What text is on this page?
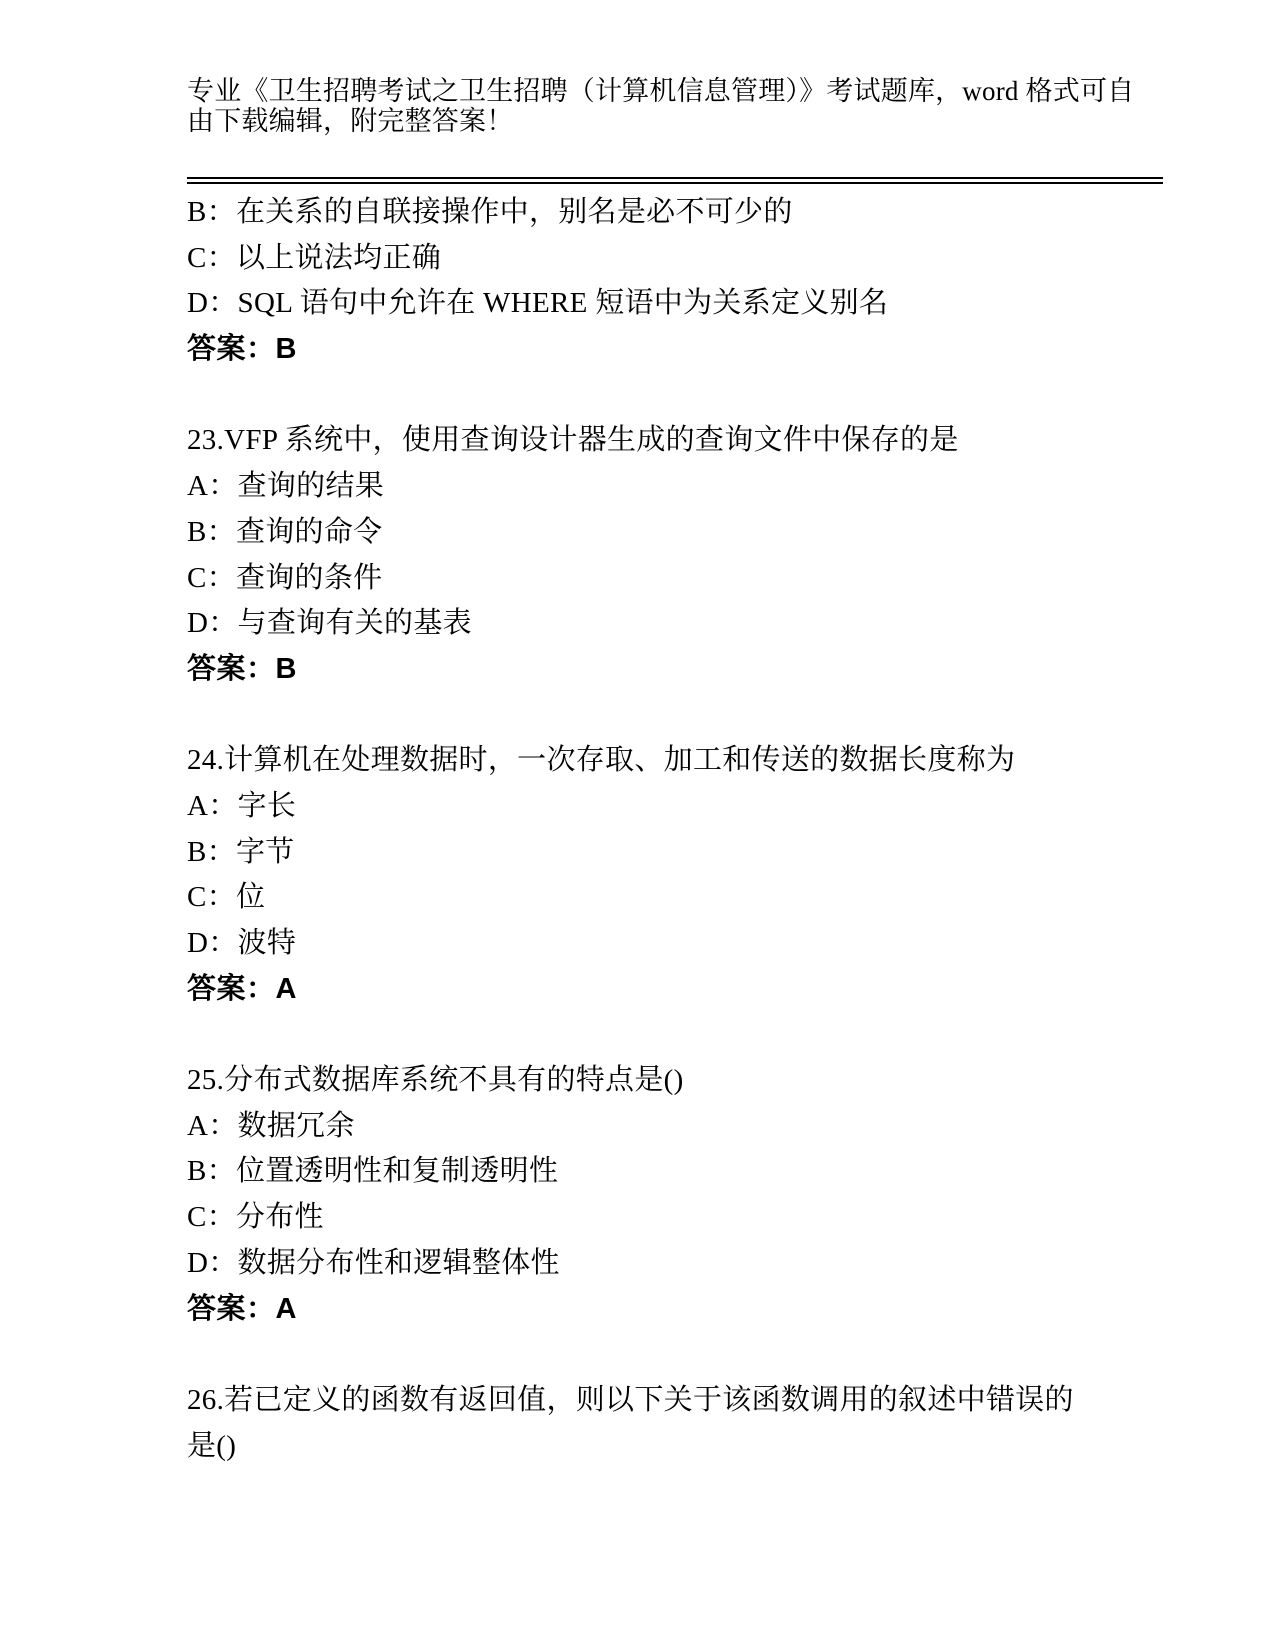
专业《卫生招聘考试之卫生招聘（计算机信息管理）》考试题库，word 格式可自
由下载编辑，附完整答案！
B：在关系的自联接操作中，别名是必不可少的
C：以上说法均正确
D：SQL 语句中允许在 WHERE 短语中为关系定义别名
答案：B
23.VFP 系统中，使用查询设计器生成的查询文件中保存的是
A：查询的结果
B：查询的命令
C：查询的条件
D：与查询有关的基表
答案：B
24.计算机在处理数据时，一次存取、加工和传送的数据长度称为
A：字长
B：字节
C：位
D：波特
答案：A
25.分布式数据库系统不具有的特点是()
A：数据冗余
B：位置透明性和复制透明性
C：分布性
D：数据分布性和逻辑整体性
答案：A
26.若已定义的函数有返回值，则以下关于该函数调用的叙述中错误的
是()
